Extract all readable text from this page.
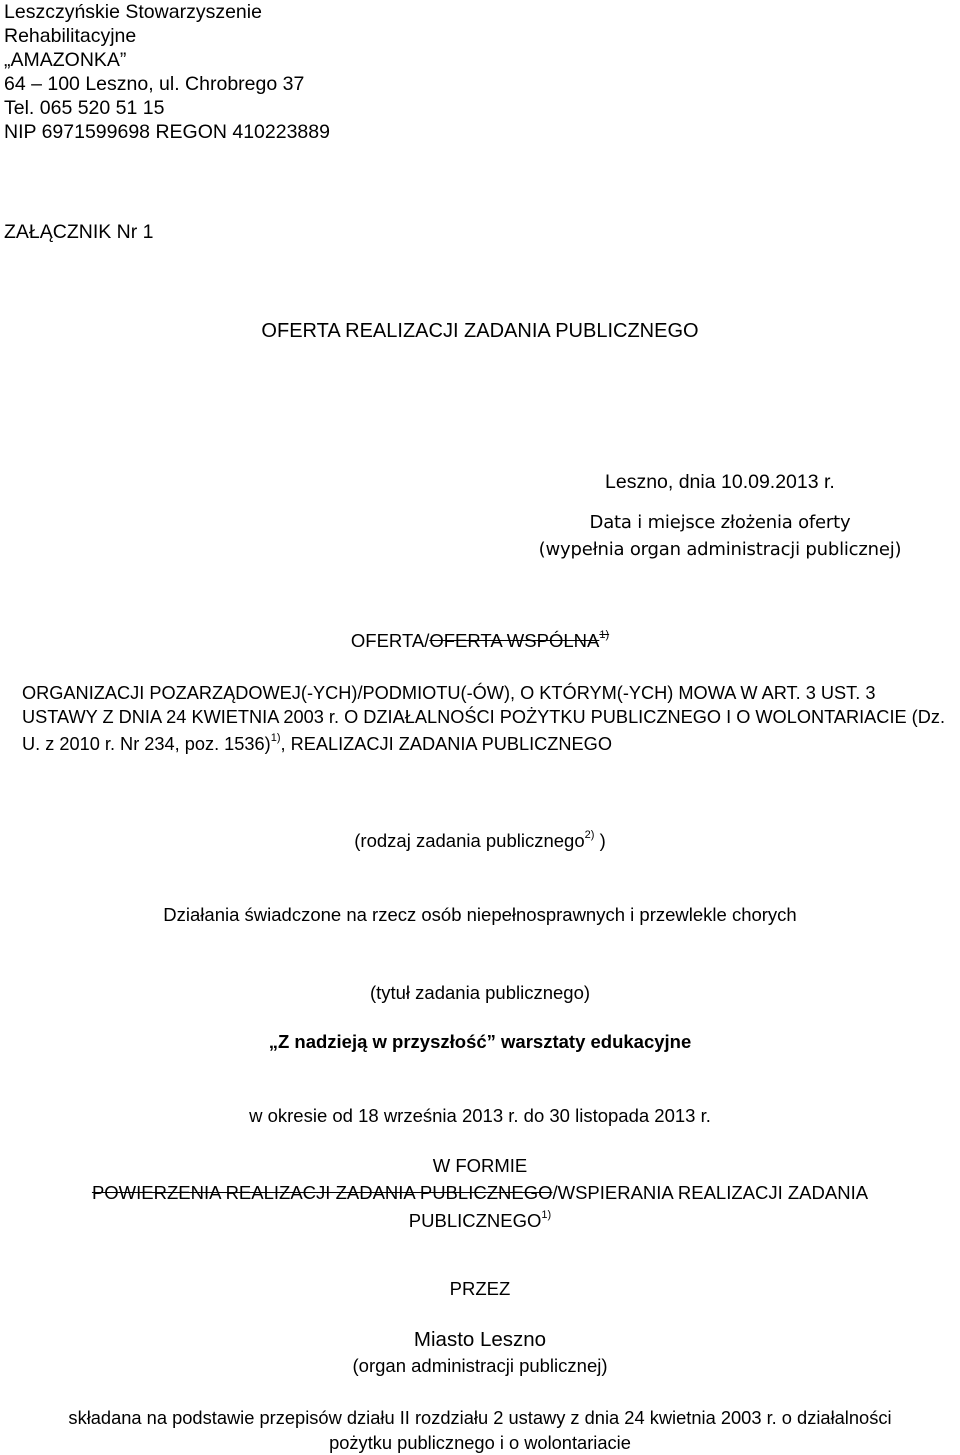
Leszczyńskie Stowarzyszenie
Rehabilitacyjne
„AMAZONKA”
64 – 100 Leszno, ul. Chrobrego 37
Tel. 065 520 51 15
NIP 6971599698 REGON 410223889
ZAŁĄCZNIK Nr 1
OFERTA REALIZACJI ZADANIA PUBLICZNEGO
Leszno, dnia 10.09.2013 r.
Data i miejsce złożenia oferty
(wypełnia organ administracji publicznej)
OFERTA/OFERTA WSPÓLNA$^{1)}$
ORGANIZACJI POZARZĄDOWEJ(-YCH)/PODMIOTU(-ÓW), O KTÓRYM(-YCH) MOWA W ART. 3 UST. 3 USTAWY Z DNIA 24 KWIETNIA 2003 r. O DZIAŁALNOŚCI POŻYTKU PUBLICZNEGO I O WOLONTARIACIE (Dz. U. z 2010 r. Nr 234, poz. 1536)$^{1)}$, REALIZACJI ZADANIA PUBLICZNEGO
(rodzaj zadania publicznego$^{2)}$ )
Działania świadczone na rzecz osób niepełnosprawnych i przewlekle chorych
(tytuł zadania publicznego)
„Z nadzieją w przyszłość” warsztaty edukacyjne
w okresie od 18 września 2013 r. do 30 listopada 2013 r.
W FORMIE
POWIERZENIA REALIZACJI ZADANIA PUBLICZNEGO/WSPIERANIA REALIZACJI ZADANIA PUBLICZNEGO$^{1)}$
PRZEZ
Miasto Leszno
(organ administracji publicznej)
składana na podstawie przepisów działu II rozdziału 2 ustawy z dnia 24 kwietnia 2003 r. o działalności
pożytku publicznego i o wolontariacie
